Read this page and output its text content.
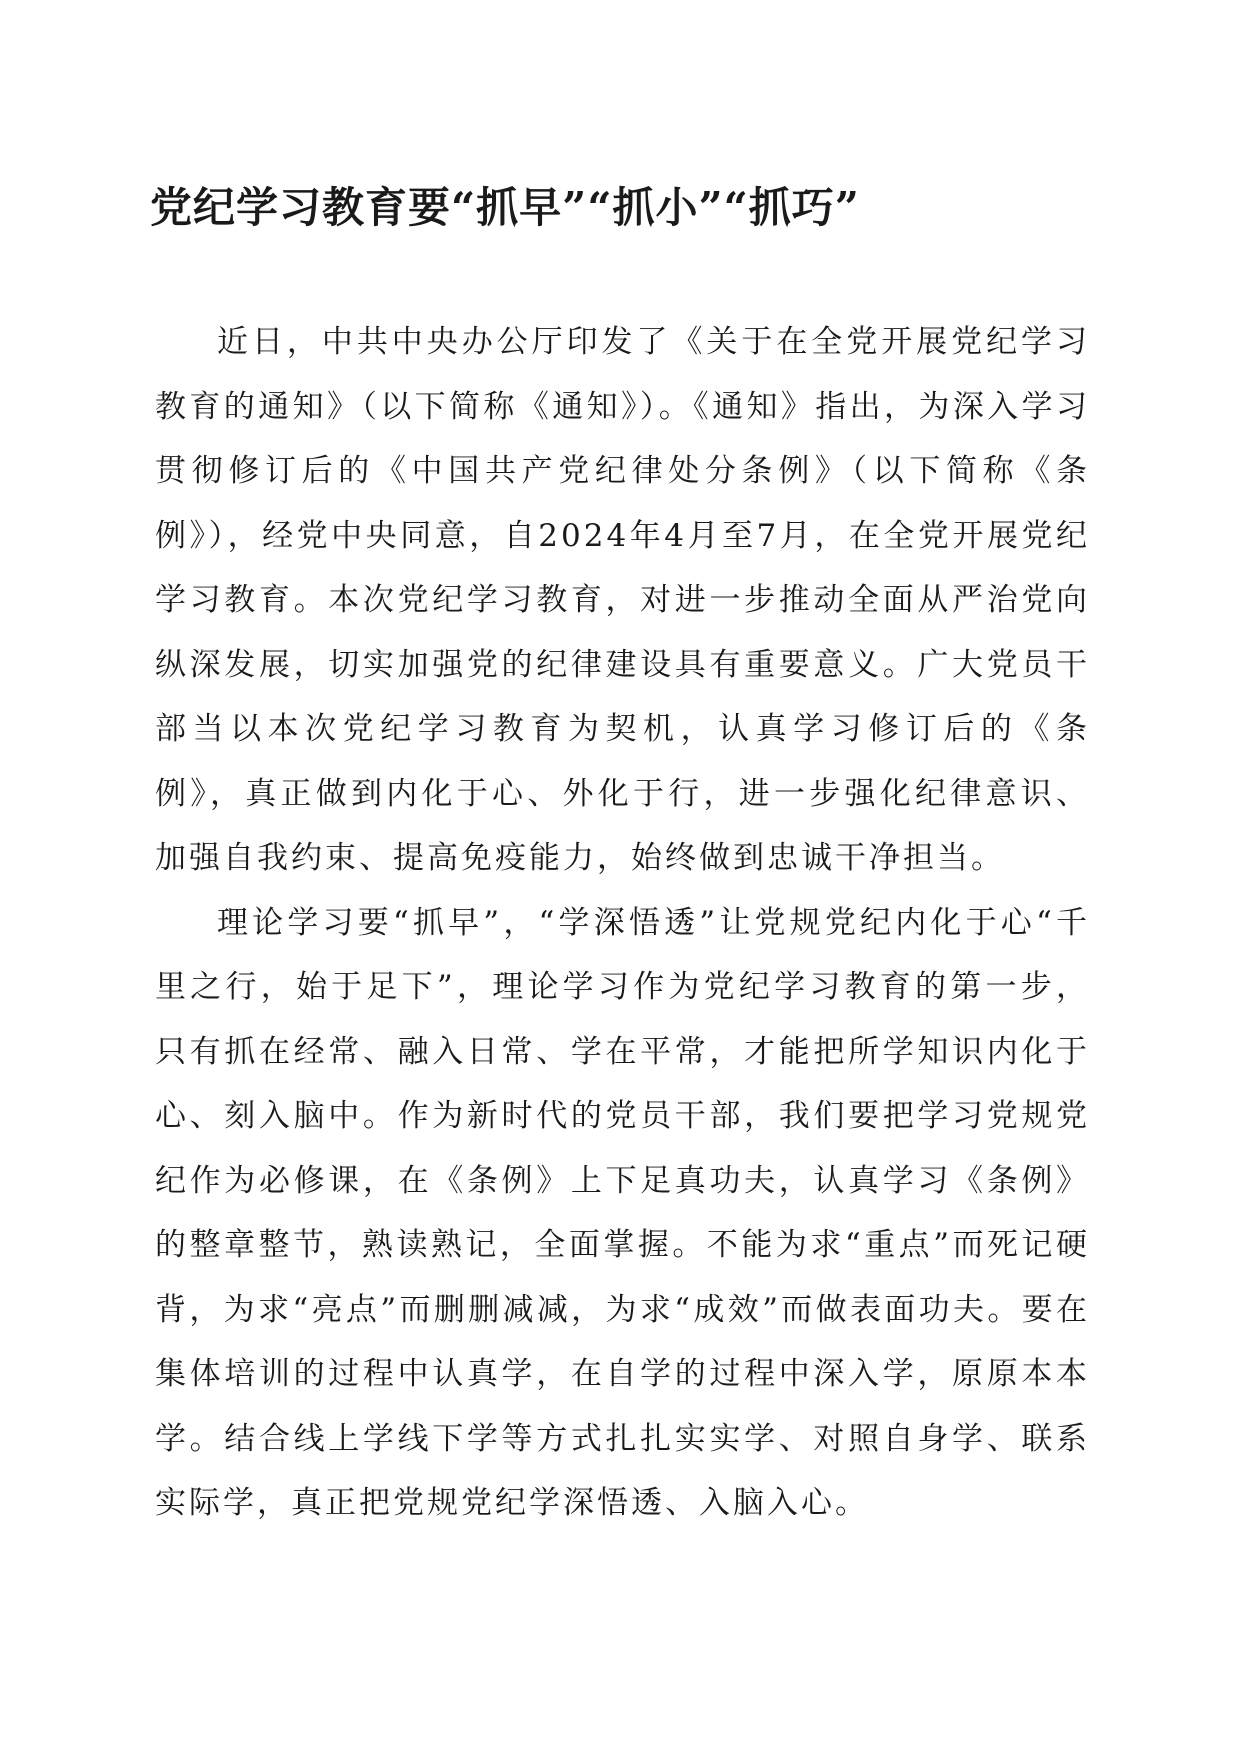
党纪学习教育要“抓早”“抓小”“抓巧”

近日，中共中央办公厅印发了《关于在全党开展党纪学习教育的通知》（以下简称《通知》）。《通知》指出，为深入学习贯彻修订后的《中国共产党纪律处分条例》（以下简称《条例》），经党中央同意，自2024年4月至7月，在全党开展党纪学习教育。本次党纪学习教育，对进一步推动全面从严治党向纵深发展，切实加强党的纪律建设具有重要意义。广大党员干部当以本次党纪学习教育为契机，认真学习修订后的《条例》，真正做到内化于心、外化于行，进一步强化纪律意识、加强自我约束、提高免疫能力，始终做到忠诚干净担当。

理论学习要“抓早”，“学深悟透”让党规党纪内化于心“千里之行，始于足下”，理论学习作为党纪学习教育的第一步，只有抓在经常、融入日常、学在平常，才能把所学知识内化于心、刻入脑中。作为新时代的党员干部，我们要把学习党规党纪作为必修课，在《条例》上下足真功夫，认真学习《条例》的整章整节，熟读熟记，全面掌握。不能为求“重点”而死记硬背，为求“亮点”而删删减减，为求“成效”而做表面功夫。要在集体培训的过程中认真学，在自学的过程中深入学，原原本本学。结合线上学线下学等方式扎扎实实学、对照自身学、联系实际学，真正把党规党纪学深悟透、入脑入心。
